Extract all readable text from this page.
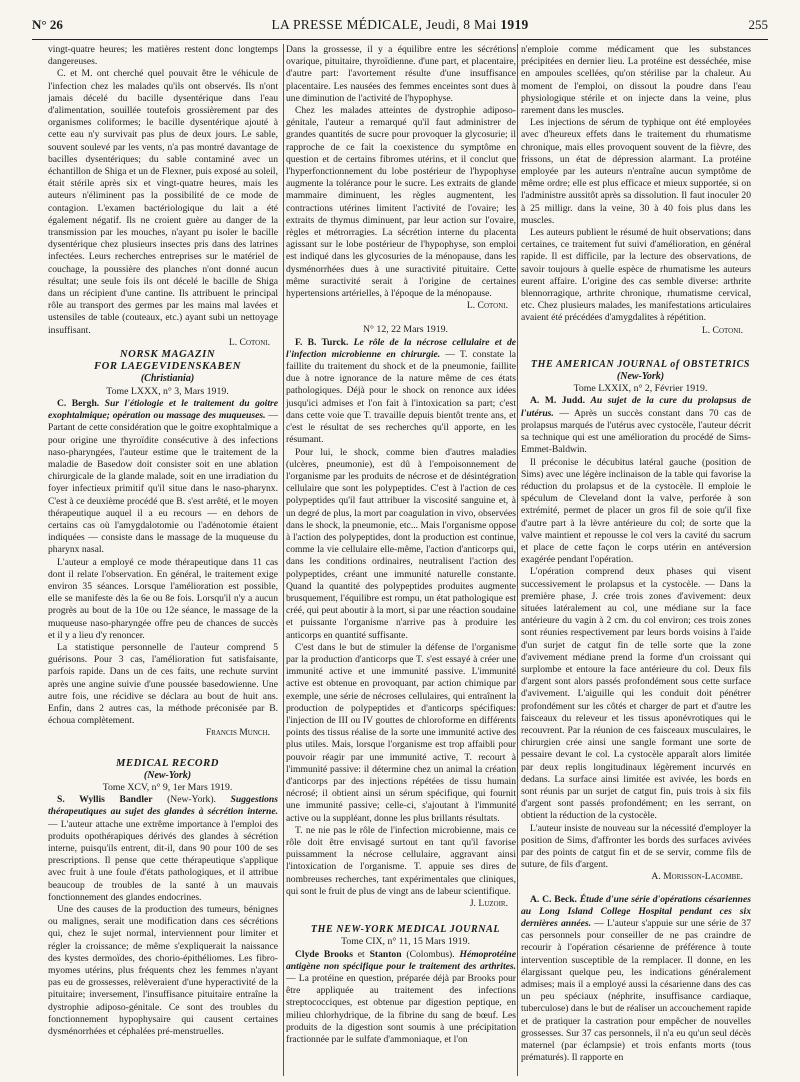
N° 26	LA PRESSE MÉDICALE, Jeudi, 8 Mai 1919	255

vingt-quatre heures; les matières restent donc longtemps dangereuses.

C. et M. ont cherché quel pouvait être le véhicule de l'infection chez les malades qu'ils ont observés. Ils n'ont jamais décelé du bacille dysentérique dans l'eau d'alimentation, souillée toutefois grossièrement par des organismes coliformes; le bacille dysentérique ajouté à cette eau n'y survivait pas plus de deux jours. Le sable, souvent soulevé par les vents, n'a pas montré davantage de bacilles dysentériques; du sable contaminé avec un échantillon de Shiga et un de Flexner, puis exposé au soleil, était stérile après six et vingt-quatre heures, mais les auteurs n'éliminent pas la possibilité de ce mode de contagion. L'examen bactériologique du lait a été également négatif. Ils ne croient guère au danger de la transmission par les mouches, n'ayant pu isoler le bacille dysentérique chez plusieurs insectes pris dans des latrines infectées. Leurs recherches entreprises sur le matériel de couchage, la poussière des planches n'ont donné aucun résultat; une seule fois ils ont décelé le bacille de Shiga dans un récipient d'une cantine. Ils attribuent le principal rôle au transport des germes par les mains mal lavées et ustensiles de table (couteaux, etc.) ayant subi un nettoyage insuffisant.

L. Cotoni.

NORSK MAGAZIN

FOR LAEGEVIDENSKABEN

(Christiania)

Tome LXXX, n° 3, Mars 1919.

C. Bergh. Sur l'étiologie et le traitement du goitre exophtalmique; opération ou massage des muqueuses. — Partant de cette considération que le goitre exophtalmique a pour origine une thyroïdite consécutive à des infections naso-pharyngées, l'auteur estime que le traitement de la maladie de Basedow doit consister soit en une ablation chirurgicale de la glande malade, soit en une irradiation du foyer infectieux primitif qu'il situe dans le naso-pharynx. C'est à ce deuxième procédé que B. s'est arrêté, et le moyen thérapeutique auquel il a eu recours — en dehors de certains cas où l'amygdalotomie ou l'adénotomie étaient indiquées — consiste dans le massage de la muqueuse du pharynx nasal.

L'auteur a employé ce mode thérapeutique dans 11 cas dont il relate l'observation. En général, le traitement exige environ 35 séances. Lorsque l'amélioration est possible, elle se manifeste dès la 6e ou 8e fois. Lorsqu'il n'y a aucun progrès au bout de la 10e ou 12e séance, le massage de la muqueuse naso-pharyngée offre peu de chances de succès et il y a lieu d'y renoncer.

La statistique personnelle de l'auteur comprend 5 guérisons. Pour 3 cas, l'amélioration fut satisfaisante, parfois rapide. Dans un de ces faits, une rechute survint après une angine suivie d'une poussée basedowienne. Une autre fois, une récidive se déclara au bout de huit ans. Enfin, dans 2 autres cas, la méthode préconisée par B. échoua complètement.

Francis Munch.

MEDICAL RECORD

(New-York)

Tome XCV, n° 9, 1er Mars 1919.

S. Wyllis Bandler (New-York). Suggestions thérapeutiques au sujet des glandes à sécrétion interne. — L'auteur attache une extrême importance à l'emploi des produits opothérapiques dérivés des glandes à sécrétion interne, puisqu'ils entrent, dit-il, dans 90 pour 100 de ses prescriptions. Il pense que cette thérapeutique s'applique avec fruit à une foule d'états pathologiques, et il attribue beaucoup de troubles de la santé à un mauvais fonctionnement des glandes endocrines.

Une des causes de la production des tumeurs, bénignes ou malignes, serait une modification dans ces sécrétions qui, chez le sujet normal, interviennent pour limiter et régler la croissance; de même s'expliquerait la naissance des kystes dermoïdes, des chorio-épithéliomes. Les fibro-myomes utérins, plus fréquents chez les femmes n'ayant pas eu de grossesses, relèveraient d'une hyperactivité de la pituitaire; inversement, l'insuffisance pituitaire entraîne la dystrophie adiposo-génitale. Ce sont des troubles du fonctionnement hypophysaire qui causent certaines dysménorrhées et céphalées pré-menstruelles.

Dans la grossesse, il y a équilibre entre les sécrétions ovarique, pituitaire, thyroïdienne. d'une part, et placentaire, d'autre part: l'avortement résulte d'une insuffisance placentaire. Les nausées des femmes enceintes sont dues à une diminution de l'activité de l'hypophyse.

Chez les malades atteintes de dystrophie adiposo-génitale, l'auteur a remarqué qu'il faut administrer de grandes quantités de sucre pour provoquer la glycosurie; il rapproche de ce fait la coexistence du symptôme en question et de certains fibromes utérins, et il conclut que l'hyperfonctionnement du lobe postérieur de l'hypophyse augmente la tolérance pour le sucre. Les extraits de glande mammaire diminuent, les règles augmentent, les contractions utérines limitent l'activité de l'ovaire; les extraits de thymus diminuent, par leur action sur l'ovaire, règles et métrorragies. La sécrétion interne du placenta agissant sur le lobe postérieur de l'hypophyse, son emploi est indiqué dans les glycosuries de la ménopause, dans les dysménorrhées dues à une suractivité pituitaire. Cette même suractivité serait à l'origine de certaines hypertensions artérielles, à l'époque de la ménopause.

L. Cotoni.

N° 12, 22 Mars 1919.

F. B. Turck. Le rôle de la nécrose cellulaire et de l'infection microbienne en chirurgie. — T. constate la faillite du traitement du shock et de la pneumonie, faillite due à notre ignorance de la nature même de ces états pathologiques. Déjà pour le shock on renonce aux idées jusqu'ici admises et l'on fait à l'intoxication sa part; c'est dans cette voie que T. travaille depuis bientôt trente ans, et c'est le résultat de ses recherches qu'il apporte, en les résumant.

Pour lui, le shock, comme bien d'autres maladies (ulcères, pneumonie), est dû à l'empoisonnement de l'organisme par les produits de nécrose et de désintégration cellulaire que sont les polypeptides. C'est à l'action de ces polypeptides qu'il faut attribuer la viscosité sanguine et, à un degré de plus, la mort par coagulation in vivo, observées dans le shock, la pneumonie, etc... Mais l'organisme oppose à l'action des polypeptides, dont la production est continue, comme la vie cellulaire elle-même, l'action d'anticorps qui, dans les conditions ordinaires, neutralisent l'action des polypeptides, créant une immunité naturelle constante. Quand la quantité des polypeptides produites augmente brusquement, l'équilibre est rompu, un état pathologique est créé, qui peut aboutir à la mort, si par une réaction soudaine et puissante l'organisme n'arrive pas à produire les anticorps en quantité suffisante.

C'est dans le but de stimuler la défense de l'organisme par la production d'anticorps que T. s'est essayé à créer une immunité active et une immunité passive. L'immunité active est obtenue en provoquant, par action chimique par exemple, une série de nécroses cellulaires, qui entraînent la production de polypeptides et d'anticorps spécifiques: l'injection de III ou IV gouttes de chloroforme en différents points des tissus réalise de la sorte une immunité active des plus utiles. Mais, lorsque l'organisme est trop affaibli pour pouvoir réagir par une immunité active, T. recourt à l'immunité passive: il détermine chez un animal la création d'anticorps par des injections répétées de tissu humain nécrosé; il obtient ainsi un sérum spécifique, qui fournit une immunité passive; celle-ci, s'ajoutant à l'immunité active ou la suppléant, donne les plus brillants résultats.

T. ne nie pas le rôle de l'infection microbienne, mais ce rôle doit être envisagé surtout en tant qu'il favorise puissamment la nécrose cellulaire, aggravant ainsi l'intoxication de l'organisme. T. appuie ses dires de nombreuses recherches, tant expérimentales que cliniques, qui sont le fruit de plus de vingt ans de labeur scientifique.

J. Luzoir.

THE NEW-YORK MEDICAL JOURNAL

Tome CIX, n° 11, 15 Mars 1919.

Clyde Brooks et Stanton (Colombus). Hémoprotéine antigène non spécifique pour le traitement des arthrites. — La protéine en question, préparée déjà par Brooks pour être appliquée au traitement des infections streptococciques, est obtenue par digestion peptique, en milieu chlorhydrique, de la fibrine du sang de bœuf. Les produits de la digestion sont soumis à une précipitation fractionnée par le sulfate d'ammoniaque, et l'on

n'emploie comme médicament que les substances précipitées en dernier lieu. La protéine est desséchée, mise en ampoules scellées, qu'on stérilise par la chaleur. Au moment de l'emploi, on dissout la poudre dans l'eau physiologique stérile et on injecte dans la veine, plus rarement dans les muscles.

Les injections de sérum de typhique ont été employées avec d'heureux effets dans le traitement du rhumatisme chronique, mais elles provoquent souvent de la fièvre, des frissons, un état de dépression alarmant. La protéine employée par les auteurs n'entraîne aucun symptôme de même ordre; elle est plus efficace et mieux supportée, si on l'administre aussitôt après sa dissolution. Il faut inoculer 20 à 25 milligr. dans la veine, 30 à 40 fois plus dans les muscles.

Les auteurs publient le résumé de huit observations; dans certaines, ce traitement fut suivi d'amélioration, en général rapide. Il est difficile, par la lecture des observations, de savoir toujours à quelle espèce de rhumatisme les auteurs eurent affaire. L'origine des cas semble diverse: arthrite blennorragique, arthrite chronique, rhumatisme cervical, etc. Chez plusieurs malades, les manifestations articulaires avaient été précédées d'amygdalites à répétition.

L. Cotoni.

THE AMERICAN JOURNAL of OBSTETRICS

(New-York)

Tome LXXIX, n° 2, Février 1919.

A. M. Judd. Au sujet de la cure du prolapsus de l'utérus. — Après un succès constant dans 70 cas de prolapsus marqués de l'utérus avec cystocèle, l'auteur décrit sa technique qui est une amélioration du procédé de Sims-Emmet-Baldwin.

Il préconise le décubitus latéral gauche (position de Sims) avec une légère inclinaison de la table qui favorise la réduction du prolapsus et de la cystocèle. Il emploie le spéculum de Cleveland dont la valve, perforée à son extrémité, permet de placer un gros fil de soie qu'il fixe d'autre part à la lèvre antérieure du col; de sorte que la valve maintient et repousse le col vers la cavité du sacrum et place de cette façon le corps utérin en antéversion exagérée pendant l'opération.

L'opération comprend deux phases qui visent successivement le prolapsus et la cystocèle. — Dans la première phase, J. crée trois zones d'avivement: deux situées latéralement au col, une médiane sur la face antérieure du vagin à 2 cm. du col environ; ces trois zones sont réunies respectivement par leurs bords voisins à l'aide d'un surjet de catgut fin de telle sorte que la zone d'avivement médiane prend la forme d'un croissant qui surplombe et entoure la face antérieure du col. Deux fils d'argent sont alors passés profondément sous cette surface d'avivement. L'aiguille qui les conduit doit pénétrer profondément sur les côtés et charger de part et d'autre les faisceaux du releveur et les tissus aponévrotiques qui le recouvrent. Par la réunion de ces faisceaux musculaires, le chirurgien crée ainsi une sangle formant une sorte de pessaire devant le col. La cystocèle apparaît alors limitée par deux replis longitudinaux légèrement incurvés en dedans. La surface ainsi limitée est avivée, les bords en sont réunis par un surjet de catgut fin, puis trois à six fils d'argent sont passés profondément; en les serrant, on obtient la réduction de la cystocèle.

L'auteur insiste de nouveau sur la nécessité d'employer la position de Sims, d'affronter les bords des surfaces avivées par des points de catgut fin et de se servir, comme fils de suture, de fils d'argent.

A. Morisson-Lacombe.

A. C. Beck. Étude d'une série d'opérations césariennes au Long Island College Hospital pendant ces six dernières années. — L'auteur s'appuie sur une série de 37 cas personnels pour conseiller de ne pas craindre de recourir à l'opération césarienne de préférence à toute intervention susceptible de la remplacer. Il donne, en les élargissant quelque peu, les indications généralement admises; mais il a employé aussi la césarienne dans des cas un peu spéciaux (néphrite, insuffisance cardiaque, tuberculose) dans le but de réaliser un accouchement rapide et de pratiquer la castration pour empêcher de nouvelles grossesses. Sur 37 cas personnels, il n'a eu qu'un seul décès maternel (par éclampsie) et trois enfants morts (tous prématurés). Il rapporte en
